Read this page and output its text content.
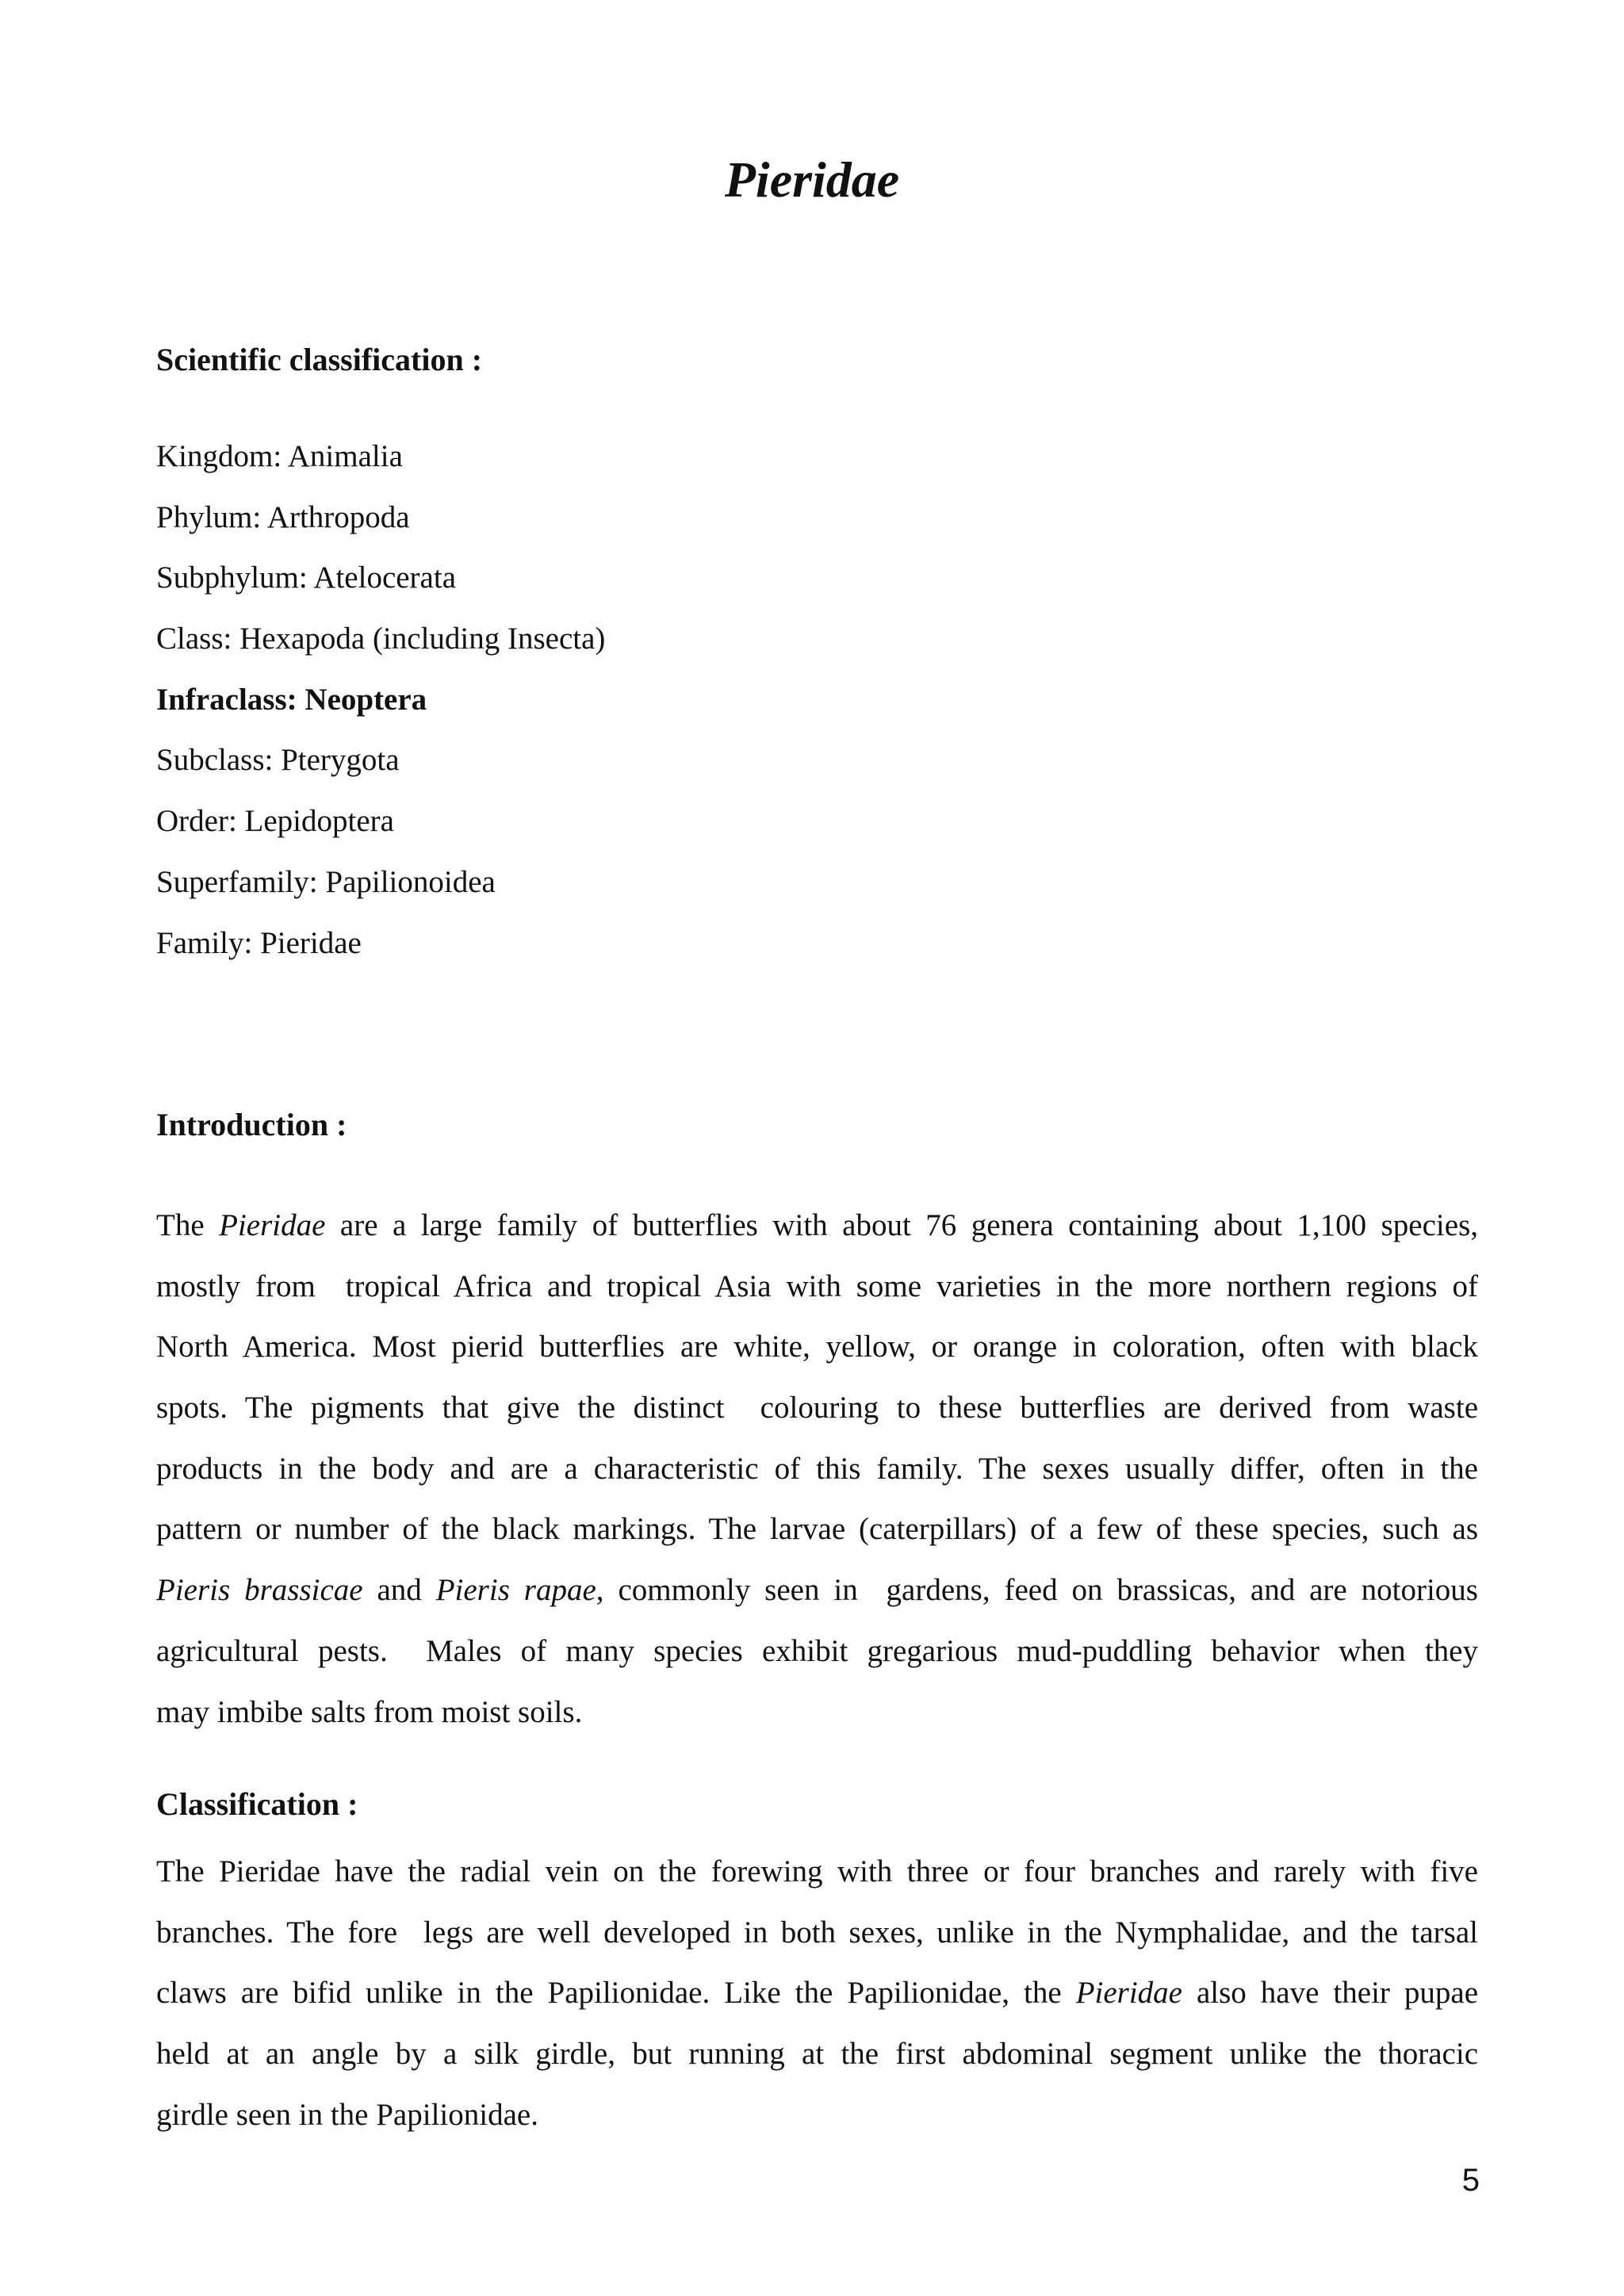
Pieridae
Scientific classification :
Kingdom: Animalia
Phylum: Arthropoda
Subphylum: Atelocerata
Class: Hexapoda (including Insecta)
Infraclass: Neoptera
Subclass: Pterygota
Order: Lepidoptera
Superfamily: Papilionoidea
Family: Pieridae
Introduction :
The Pieridae are a large family of butterflies with about 76 genera containing about 1,100 species,
mostly from  tropical Africa and tropical Asia with some varieties in the more northern regions of
North America. Most pierid butterflies are white, yellow, or orange in coloration, often with black
spots. The pigments that give the distinct  colouring to these butterflies are derived from waste
products in the body and are a characteristic of this family. The sexes usually differ, often in the
pattern or number of the black markings. The larvae (caterpillars) of a few of these species, such as
Pieris brassicae and Pieris rapae, commonly seen in  gardens, feed on brassicas, and are notorious
agricultural pests.  Males of many species exhibit gregarious mud-puddling behavior when they
may imbibe salts from moist soils.
Classification :
The Pieridae have the radial vein on the forewing with three or four branches and rarely with five
branches. The fore  legs are well developed in both sexes, unlike in the Nymphalidae, and the tarsal
claws are bifid unlike in the Papilionidae. Like the Papilionidae, the Pieridae also have their pupae
held at an angle by a silk girdle, but running at the first abdominal segment unlike the thoracic
girdle seen in the Papilionidae.
5
